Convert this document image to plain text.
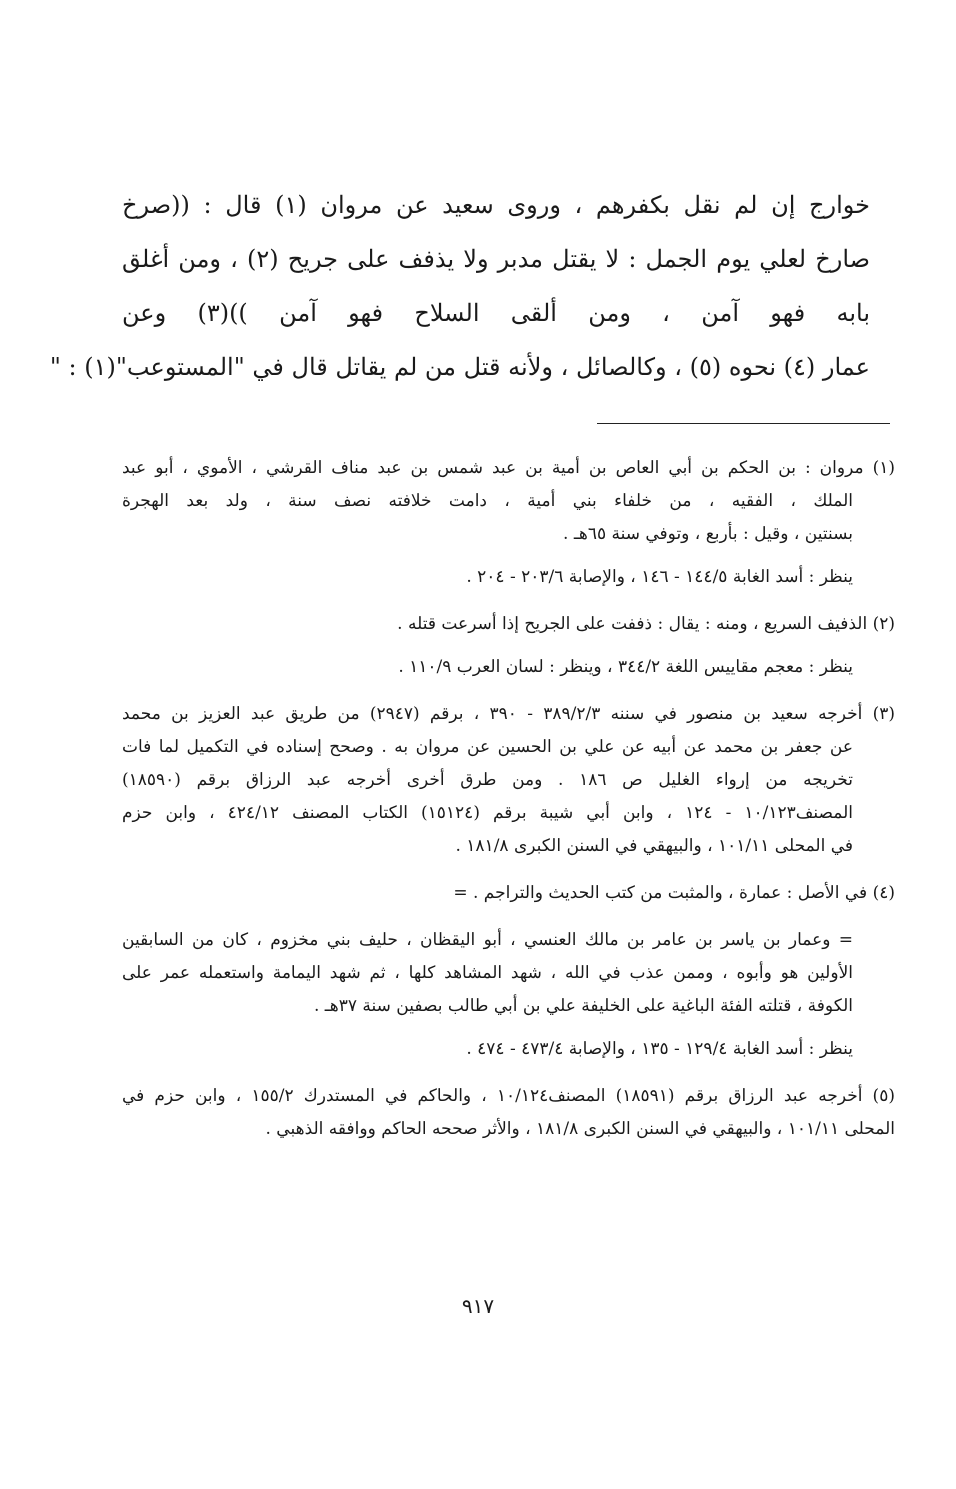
خوارج إن لم نقل بكفرهم ، وروى سعيد عن مروان (١) قال : ((صرخ
صارخ لعلي يوم الجمل : لا يقتل مدبر ولا يذفف على جريح (٢) ، ومن أغلق
بابه فهو آمن ، ومن ألقى السلاح فهو آمن ))(٣) وعن
عمار (٤) نحوه (٥) ، وكالصائل ، ولأنه قتل من لم يقاتل قال في "المستوعب"(١) : "
(١) مروان : بن الحكم بن أبي العاص بن أمية بن عبد شمس بن عبد مناف القرشي ، الأموي ، أبو عبد
الملك ، الفقيه ، من خلفاء بني أمية ، دامت خلافته نصف سنة ، ولد بعد الهجرة
بسنتين ، وقيل : بأربع ، وتوفي سنة ٦٥هـ .
ينظر : أسد الغابة ١٤٤/٥ - ١٤٦ ، والإصابة ٢٠٣/٦ - ٢٠٤ .
(٢) الذفيف السريع ، ومنه : يقال : ذففت على الجريح إذا أسرعت قتله .
ينظر : معجم مقاييس اللغة ٣٤٤/٢ ، وينظر : لسان العرب ١١٠/٩ .
(٣) أخرجه سعيد بن منصور في سننه ٣٨٩/٢/٣ - ٣٩٠ ، برقم (٢٩٤٧) من طريق عبد العزيز بن محمد
عن جعفر بن محمد عن أبيه عن علي بن الحسين عن مروان به . وصحح إسناده في التكميل لما فات
تخريجه من إرواء الغليل ص ١٨٦ . ومن طرق أخرى أخرجه عبد الرزاق برقم (١٨٥٩٠)
المصنف١٠/١٢٣ - ١٢٤ ، وابن أبي شيبة برقم (١٥١٢٤) الكتاب المصنف ٤٢٤/١٢ ، وابن حزم
في المحلى ١٠١/١١ ، والبيهقي في السنن الكبرى ١٨١/٨ .
(٤) في الأصل : عمارة ، والمثبت من كتب الحديث والتراجم . =
= وعمار بن ياسر بن عامر بن مالك العنسي ، أبو اليقظان ، حليف بني مخزوم ، كان من السابقين
الأولين هو وأبوه ، وممن عذب في الله ، شهد المشاهد كلها ، ثم شهد اليمامة واستعمله عمر على
الكوفة ، قتلته الفئة الباغية على الخليفة علي بن أبي طالب بصفين سنة ٣٧هـ .
ينظر : أسد الغابة ١٢٩/٤ - ١٣٥ ، والإصابة ٤٧٣/٤ - ٤٧٤ .
(٥) أخرجه عبد الرزاق برقم (١٨٥٩١) المصنف١٠/١٢٤ ، والحاكم في المستدرك ١٥٥/٢ ، وابن حزم في
المحلى ١٠١/١١ ، والبيهقي في السنن الكبرى ١٨١/٨ ، والأثر صححه الحاكم ووافقه الذهبي .
٩١٧
